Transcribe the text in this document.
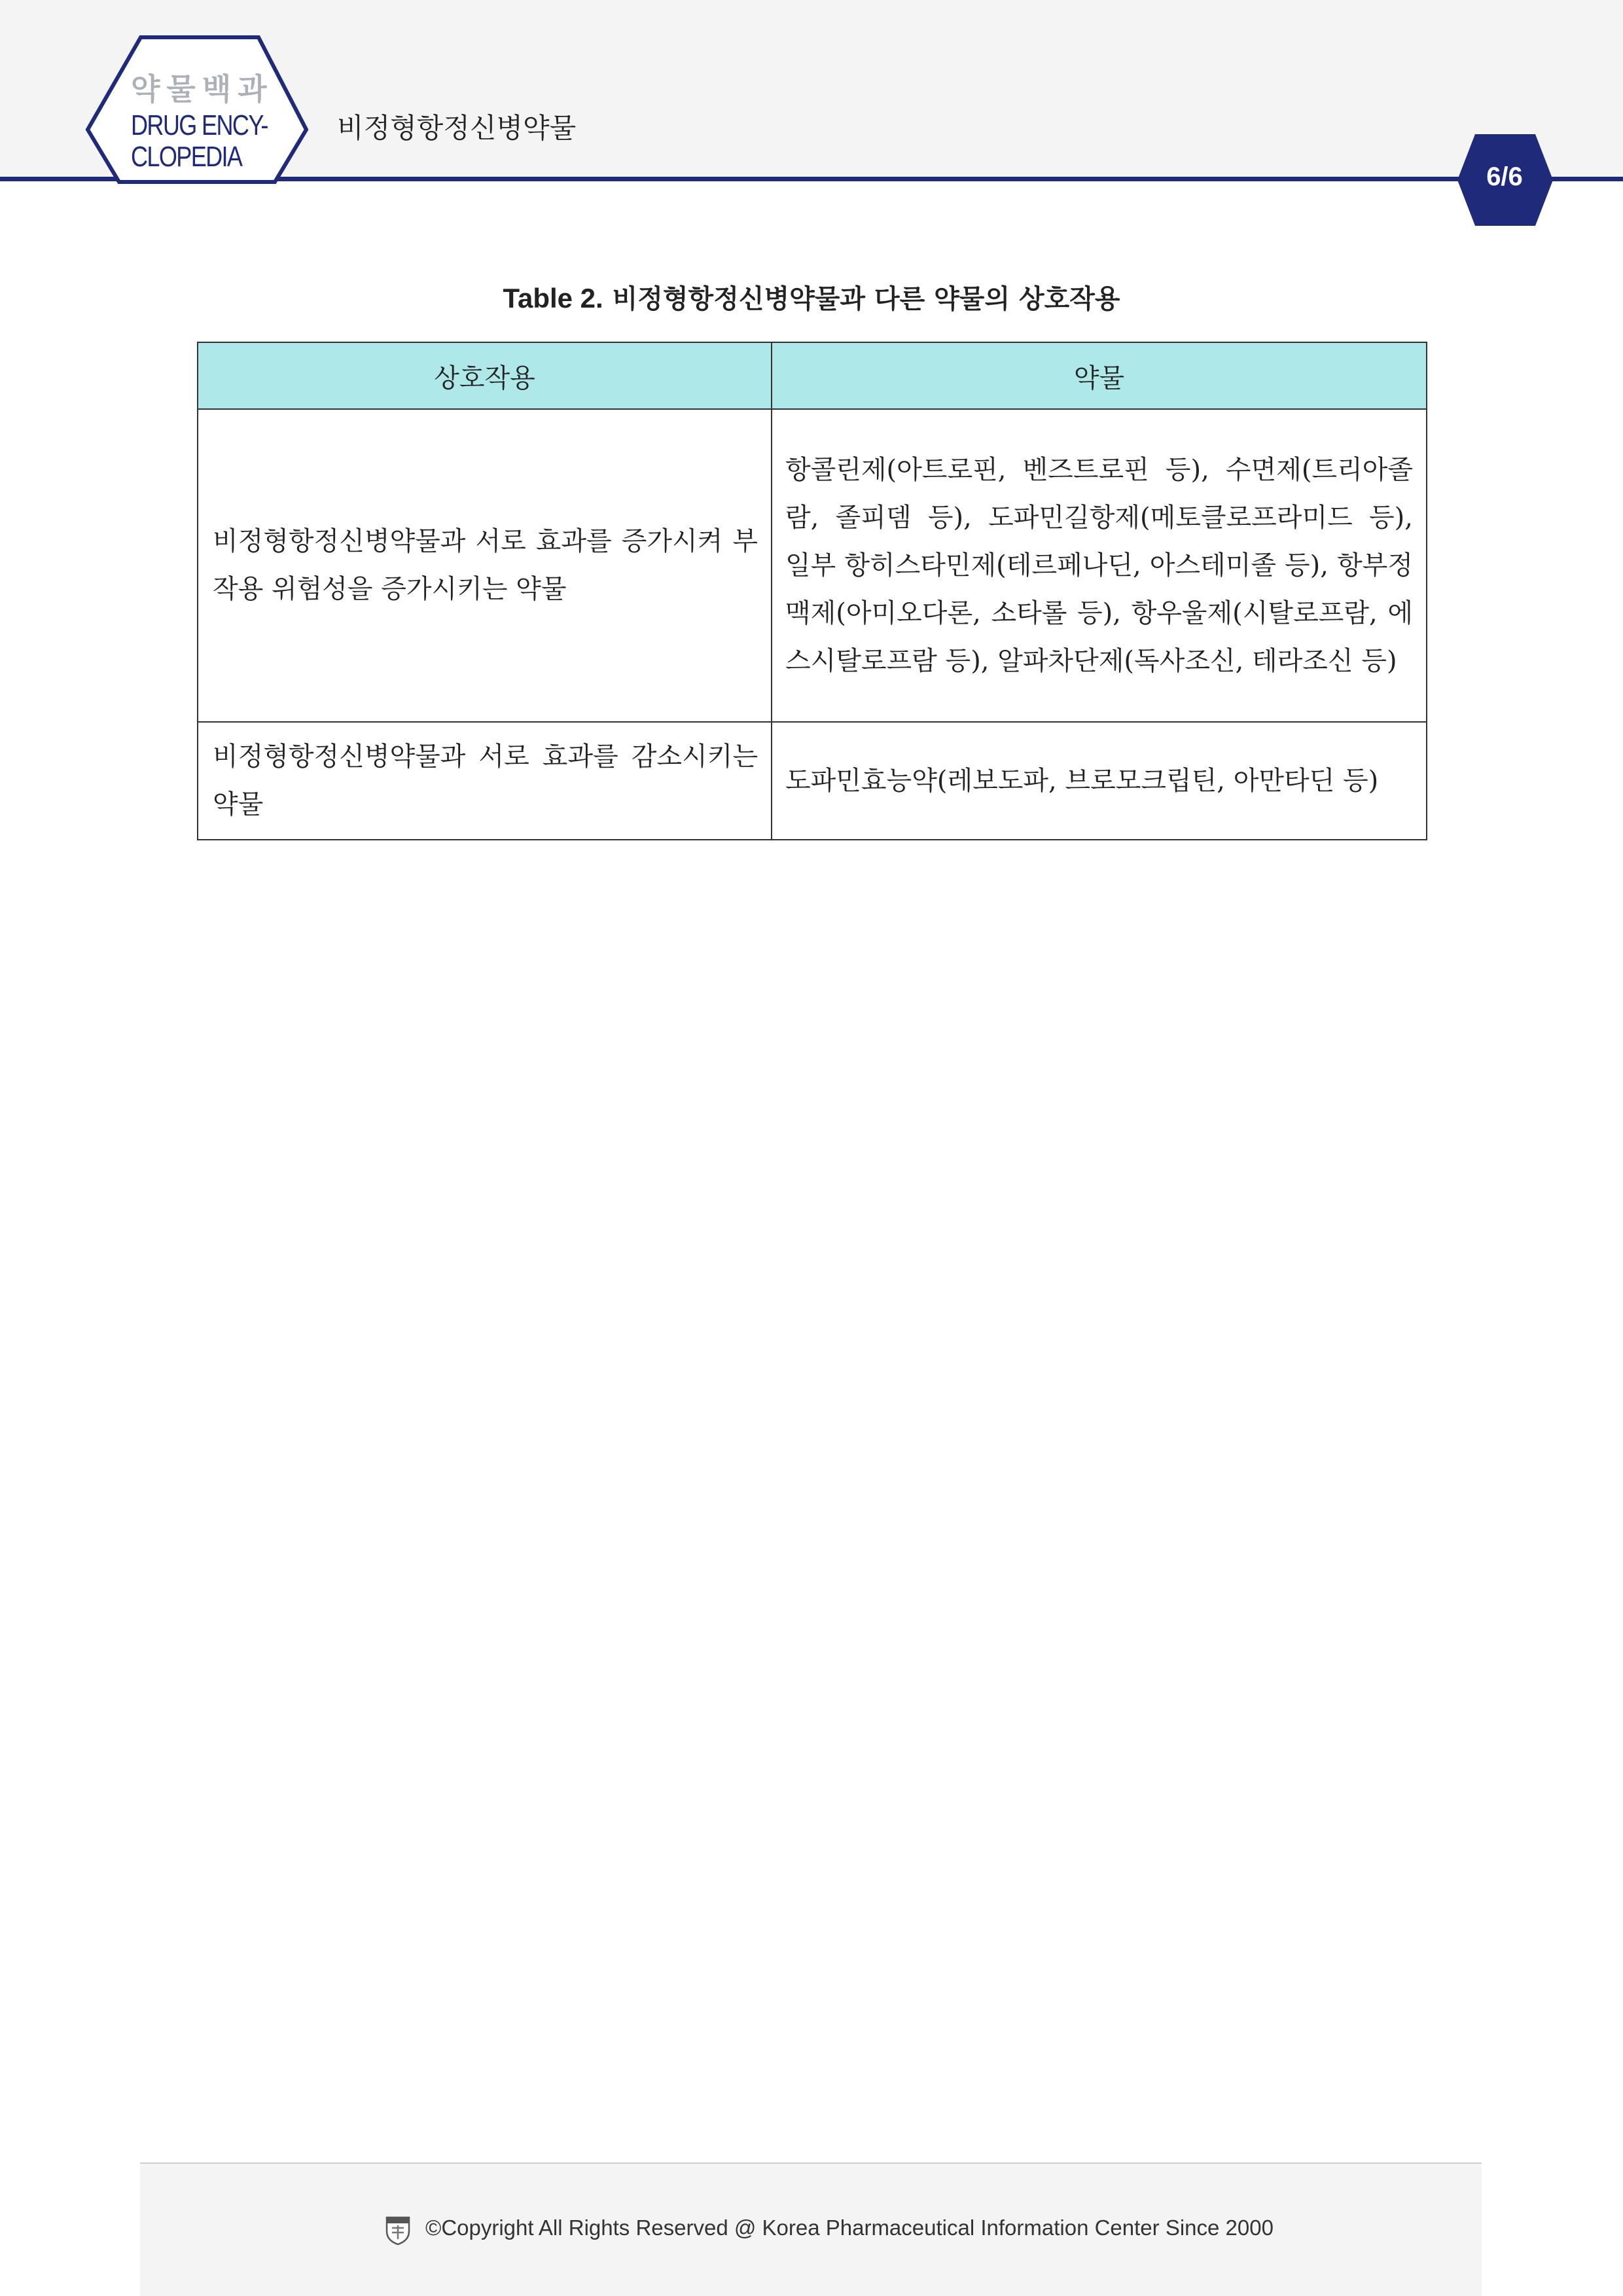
약물백과
DRUG ENCY-
CLOPEDIA
비정형항정신병약물
6/6
Table 2. 비정형항정신병약물과 다른 약물의 상호작용
상호작용	약물
비정형항정신병약물과 서로 효과를 증가시켜 부작용 위험성을 증가시키는 약물	항콜린제(아트로핀, 벤즈트로핀 등), 수면제(트리아졸람, 졸피뎀 등), 도파민길항제(메토클로프라미드 등), 일부 항히스타민제(테르페나딘, 아스테미졸 등), 항부정맥제(아미오다론, 소타롤 등), 항우울제(시탈로프람, 에스시탈로프람 등), 알파차단제(독사조신, 테라조신 등)
비정형항정신병약물과 서로 효과를 감소시키는 약물	도파민효능약(레보도파, 브로모크립틴, 아만타딘 등)
©Copyright All Rights Reserved @ Korea Pharmaceutical Information Center Since 2000
